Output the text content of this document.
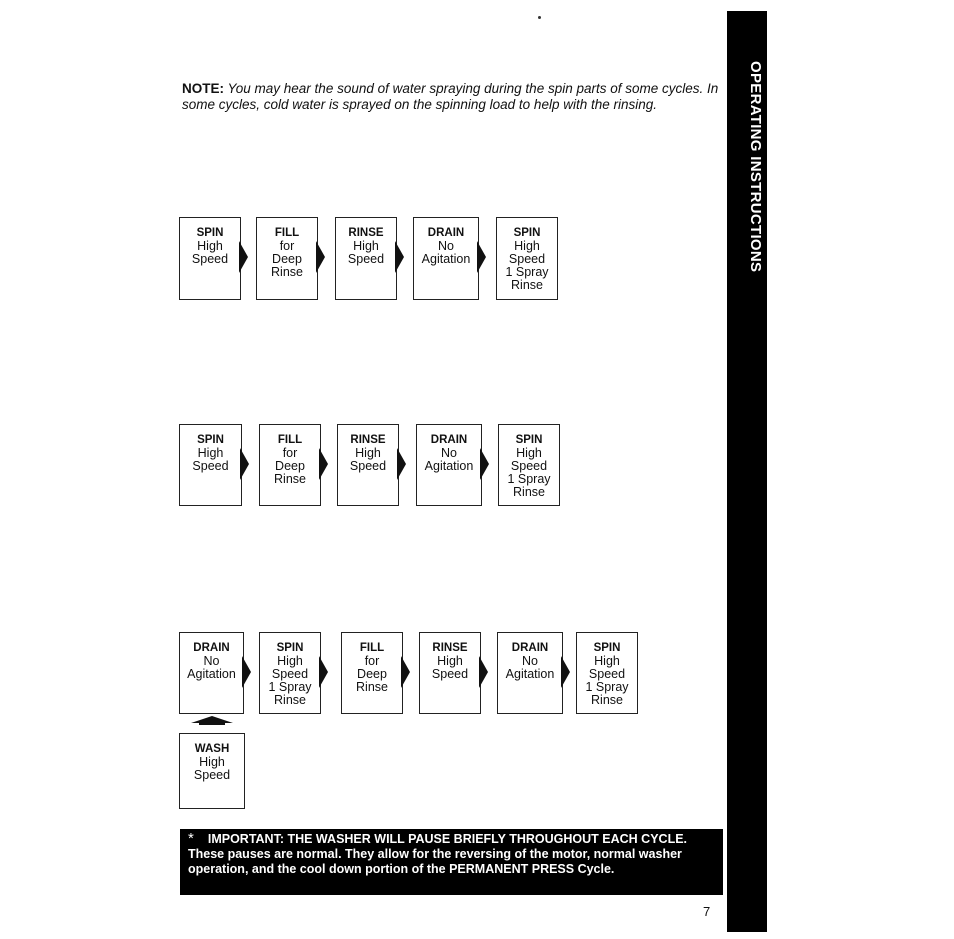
OPERATING INSTRUCTIONS
NOTE: You may hear the sound of water spraying during the spin parts of some cycles. In some cycles, cold water is sprayed on the spinning load to help with the rinsing.
SPIN
High
Speed
FILL
for
Deep
Rinse
RINSE
High
Speed
DRAIN
No
Agitation
SPIN
High
Speed
1 Spray
Rinse
SPIN
High
Speed
FILL
for
Deep
Rinse
RINSE
High
Speed
DRAIN
No
Agitation
SPIN
High
Speed
1 Spray
Rinse
DRAIN
No
Agitation
SPIN
High
Speed
1 Spray
Rinse
FILL
for
Deep
Rinse
RINSE
High
Speed
DRAIN
No
Agitation
SPIN
High
Speed
1 Spray
Rinse
WASH
High
Speed
* IMPORTANT: THE WASHER WILL PAUSE BRIEFLY THROUGHOUT EACH CYCLE. These pauses are normal. They allow for the reversing of the motor, normal washer operation, and the cool down portion of the PERMANENT PRESS Cycle.
7
